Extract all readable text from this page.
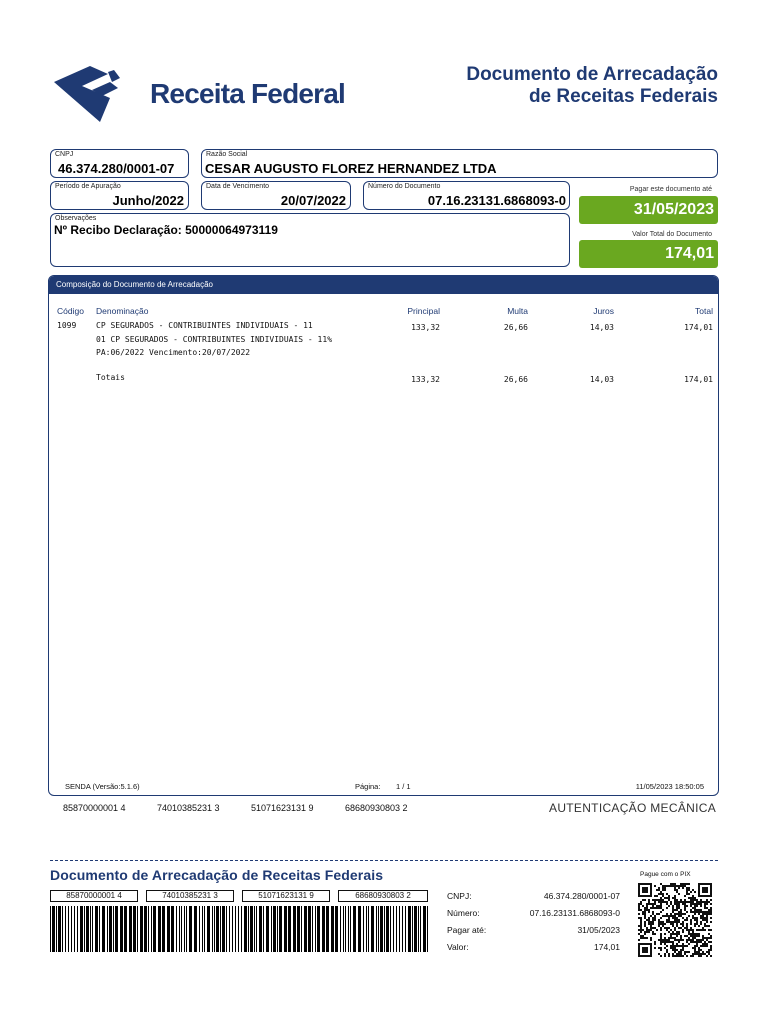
Receita Federal
Documento de Arrecadação
de Receitas Federais
CNPJ
46.374.280/0001-07
Razão Social
CESAR AUGUSTO FLOREZ HERNANDEZ LTDA
Período de Apuração
Junho/2022
Data de Vencimento
20/07/2022
Número do Documento
07.16.23131.6868093-0
Pagar este documento até
31/05/2023
Observações
Nº Recibo Declaração: 50000064973119	Valor Total do Documento
174,01
Composição do Documento de Arrecadação
Código Denominação	Principal	Multa	Juros	Total
1099 CP SEGURADOS - CONTRIBUINTES INDIVIDUAIS - 11
01 CP SEGURADOS - CONTRIBUINTES INDIVIDUAIS - 11%
PA:06/2022 Vencimento:20/07/2022
133,32	26,66	14,03	174,01
Totais	133,32	26,66	14,03	174,01
SENDA (Versão:5.1.6)	Página: 1 / 1	11/05/2023 18:50:05
85870000001 4	74010385231 3	51071623131 9	68680930803 2	AUTENTICAÇÃO MECÂNICA
Documento de Arrecadação de Receitas Federais
85870000001 4	74010385231 3	51071623131 9	68680930803 2	CNPJ:	46.374.280/0001-07
Número:	07.16.23131.6868093-0
Pagar até:	31/05/2023
Valor:	174,01
Pague com o PIX
